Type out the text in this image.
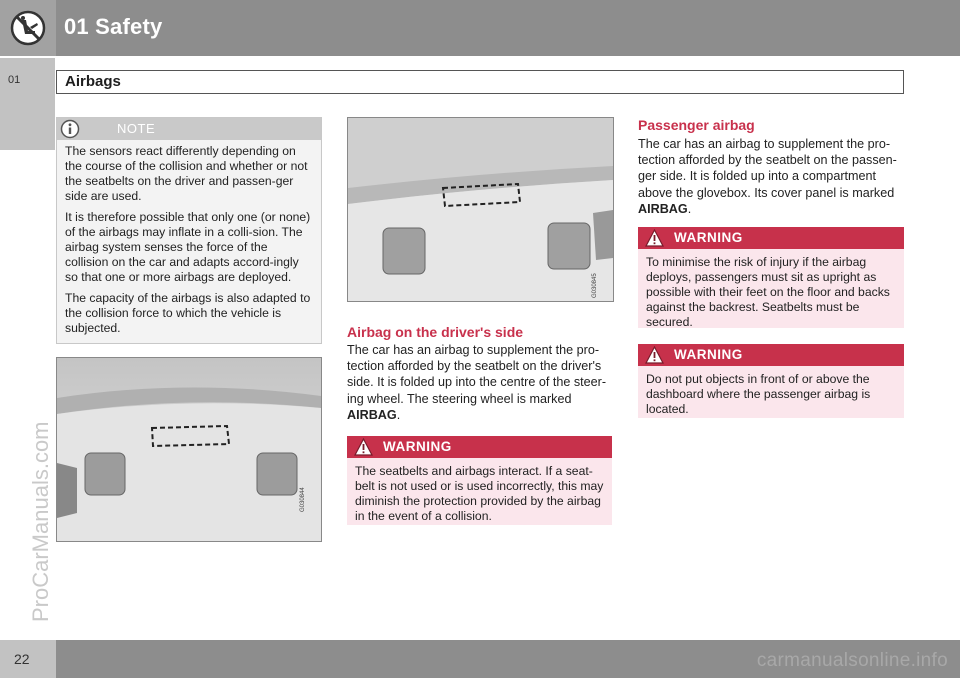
01 Safety
01	Airbags
ProCarManuals.com
NOTE

The sensors react differently depending on the course of the collision and whether or not the seatbelts on the driver and passen-ger side are used.

It is therefore possible that only one (or none) of the airbags may inflate in a colli-sion. The airbag system senses the force of the collision on the car and adapts accord-ingly so that one or more airbags are deployed.

The capacity of the airbags is also adapted to the collision force to which the vehicle is subjected.

G030844
G030845
Airbag on the driver's side

The car has an airbag to supplement the pro-tection afforded by the seatbelt on the driver's side. It is folded up into the centre of the steer-ing wheel. The steering wheel is marked AIRBAG.

WARNING
The seatbelts and airbags interact. If a seat-belt is not used or is used incorrectly, this may diminish the protection provided by the airbag in the event of a collision.
Passenger airbag

The car has an airbag to supplement the pro-tection afforded by the seatbelt on the passen-ger side. It is folded up into a compartment above the glovebox. Its cover panel is marked AIRBAG.

WARNING
To minimise the risk of injury if the airbag deploys, passengers must sit as upright as possible with their feet on the floor and backs against the backrest. Seatbelts must be secured.
WARNING
Do not put objects in front of or above the dashboard where the passenger airbag is located.
22	carmanualsonline.info
